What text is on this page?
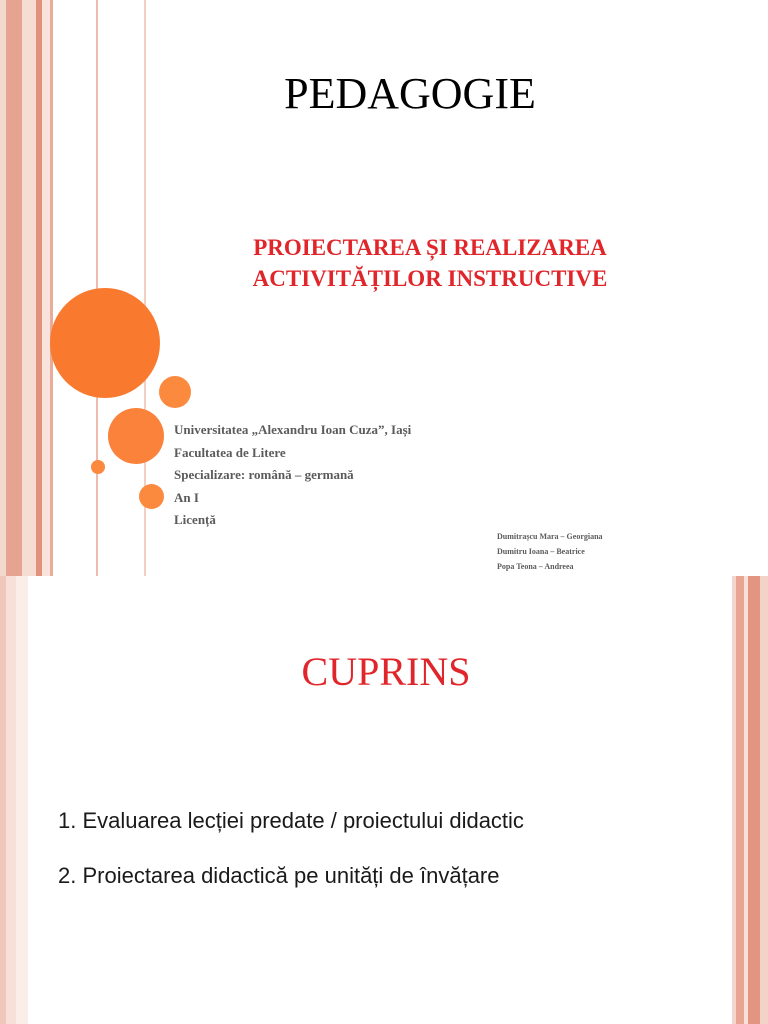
PEDAGOGIE
PROIECTAREA ȘI REALIZAREA
ACTIVITĂȚILOR INSTRUCTIVE
Universitatea „Alexandru Ioan Cuza”, Iași
Facultatea de Litere
Specializare: română – germană
An I
Licență
Dumitrașcu Mara – Georgiana
Dumitru Ioana – Beatrice
Popa Teona – Andreea
CUPRINS
1. Evaluarea lecției predate / proiectului didactic
2. Proiectarea didactică pe unități de învățare
